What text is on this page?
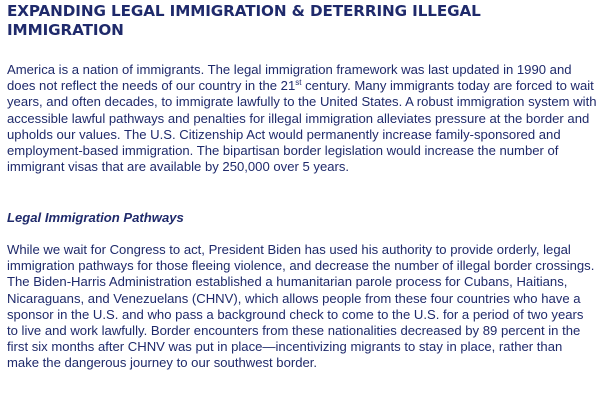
EXPANDING LEGAL IMMIGRATION & DETERRING ILLEGAL
IMMIGRATION

America is a nation of immigrants. The legal immigration framework was last updated in 1990 and does not reflect the needs of our country in the 21st century. Many immigrants today are forced to wait years, and often decades, to immigrate lawfully to the United States. A robust immigration system with accessible lawful pathways and penalties for illegal immigration alleviates pressure at the border and upholds our values. The U.S. Citizenship Act would permanently increase family-sponsored and employment-based immigration. The bipartisan border legislation would increase the number of immigrant visas that are available by 250,000 over 5 years.

Legal Immigration Pathways

While we wait for Congress to act, President Biden has used his authority to provide orderly, legal immigration pathways for those fleeing violence, and decrease the number of illegal border crossings. The Biden-Harris Administration established a humanitarian parole process for Cubans, Haitians, Nicaraguans, and Venezuelans (CHNV), which allows people from these four countries who have a sponsor in the U.S. and who pass a background check to come to the U.S. for a period of two years to live and work lawfully. Border encounters from these nationalities decreased by 89 percent in the first six months after CHNV was put in place—incentivizing migrants to stay in place, rather than make the dangerous journey to our southwest border.
